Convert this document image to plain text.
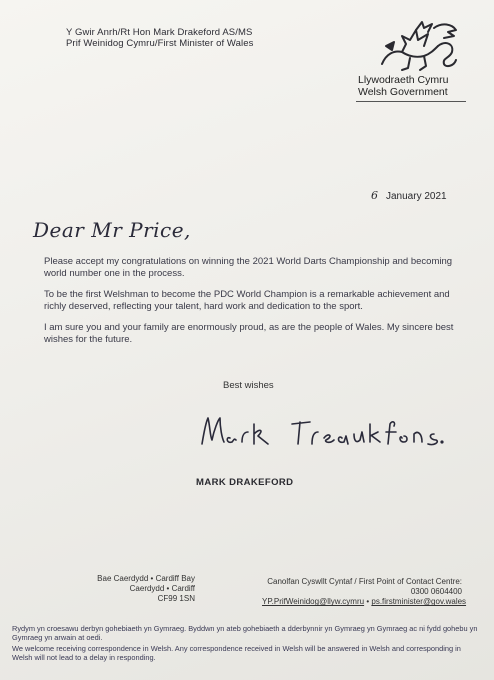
Y Gwir Anrh/Rt Hon Mark Drakeford AS/MS
Prif Weinidog Cymru/First Minister of Wales
Llywodraeth Cymru
Welsh Government
6 January 2021
Dear Mr Price,

Please accept my congratulations on winning the 2021 World Darts Championship and becoming world number one in the process.

To be the first Welshman to become the PDC World Champion is a remarkable achievement and richly deserved, reflecting your talent, hard work and dedication to the sport.

I am sure you and your family are enormously proud, as are the people of Wales. My sincere best wishes for the future.

Best wishes
MARK DRAKEFORD
Bae Caerdydd • Cardiff Bay
Caerdydd • Cardiff
CF99 1SN
Canolfan Cyswllt Cyntaf / First Point of Contact Centre:
0300 0604400
YP.PrifWeinidog@llyw.cymru • ps.firstminister@gov.wales
Rydym yn croesawu derbyn gohebiaeth yn Gymraeg. Byddwn yn ateb gohebiaeth a dderbynnir yn Gymraeg yn Gymraeg ac ni fydd gohebu yn Gymraeg yn arwain at oedi.
We welcome receiving correspondence in Welsh. Any correspondence received in Welsh will be answered in Welsh and corresponding in Welsh will not lead to a delay in responding.
